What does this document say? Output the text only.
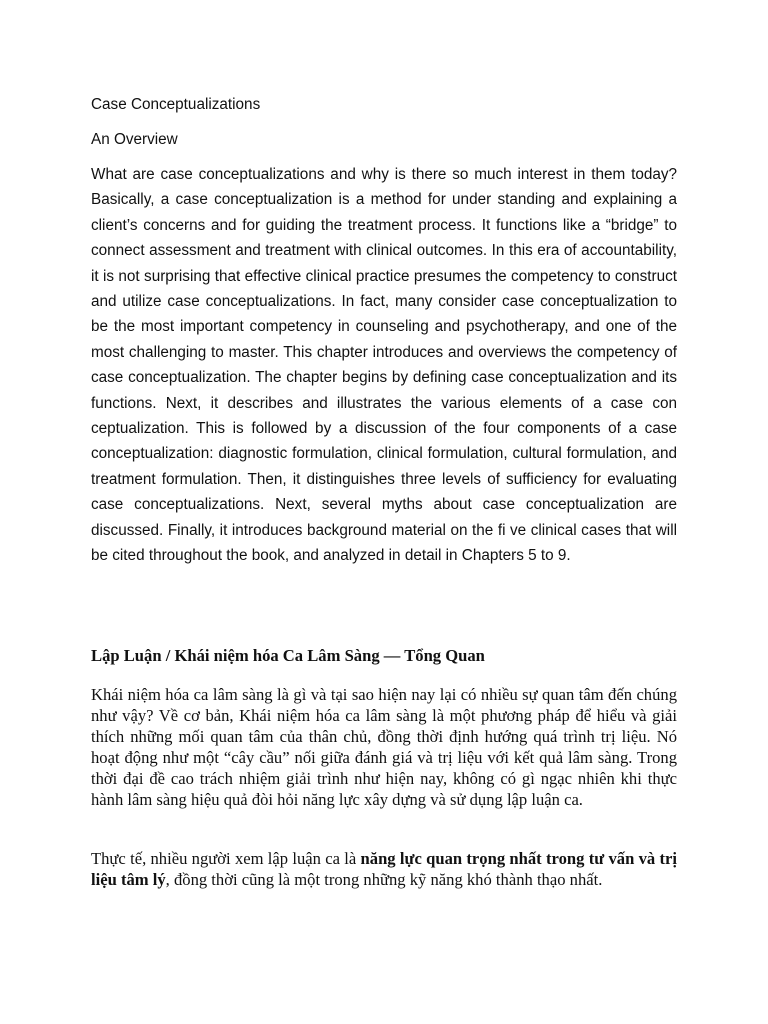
Case Conceptualizations

An Overview

What are case conceptualizations and why is there so much interest in them today? Basically, a case conceptualization is a method for under standing and explaining a client’s concerns and for guiding the treatment process. It functions like a “bridge” to connect assessment and treatment with clinical outcomes. In this era of accountability, it is not surprising that effective clinical practice presumes the competency to construct and utilize case conceptualizations. In fact, many consider case conceptualization to be the most important competency in counseling and psychotherapy, and one of the most challenging to master. This chapter introduces and overviews the competency of case conceptualization. The chapter begins by defining case conceptualization and its functions. Next, it describes and illustrates the various elements of a case con ceptualization. This is followed by a discussion of the four components of a case conceptualization: diagnostic formulation, clinical formulation, cultural formulation, and treatment formulation. Then, it distinguishes three levels of sufficiency for evaluating case conceptualizations. Next, several myths about case conceptualization are discussed. Finally, it introduces background material on the fi ve clinical cases that will be cited throughout the book, and analyzed in detail in Chapters 5 to 9.

Lập Luận / Khái niệm hóa Ca Lâm Sàng — Tổng Quan

Khái niệm hóa ca lâm sàng là gì và tại sao hiện nay lại có nhiều sự quan tâm đến chúng như vậy? Về cơ bản, Khái niệm hóa ca lâm sàng là một phương pháp để hiểu và giải thích những mối quan tâm của thân chủ, đồng thời định hướng quá trình trị liệu. Nó hoạt động như một “cây cầu” nối giữa đánh giá và trị liệu với kết quả lâm sàng. Trong thời đại đề cao trách nhiệm giải trình như hiện nay, không có gì ngạc nhiên khi thực hành lâm sàng hiệu quả đòi hỏi năng lực xây dựng và sử dụng lập luận ca.

Thực tế, nhiều người xem lập luận ca là năng lực quan trọng nhất trong tư vấn và trị liệu tâm lý, đồng thời cũng là một trong những kỹ năng khó thành thạo nhất.
